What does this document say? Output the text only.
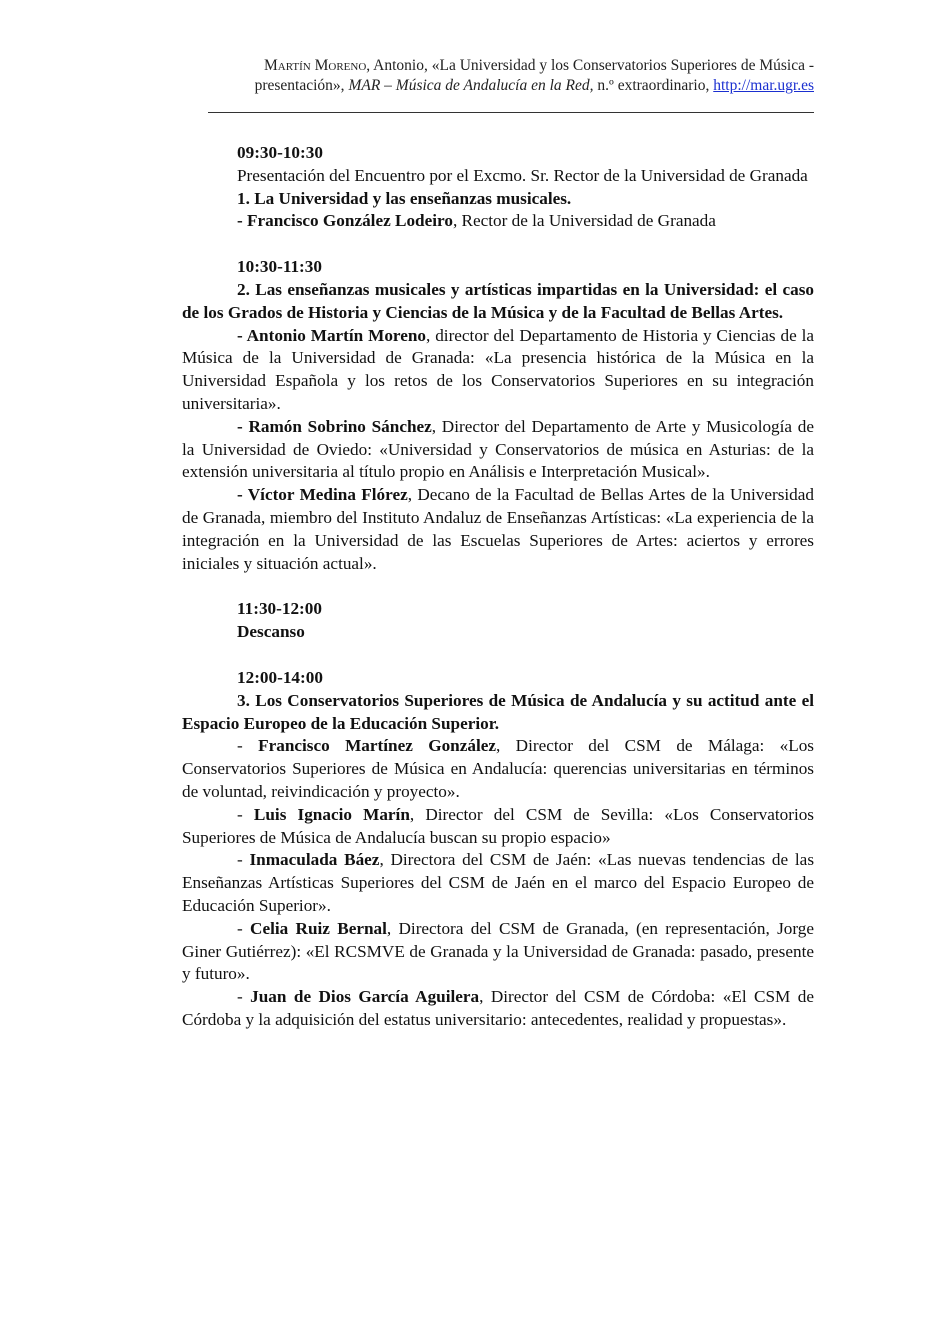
Martín Moreno, Antonio, «La Universidad y los Conservatorios Superiores de Música -
presentación», MAR – Música de Andalucía en la Red, n.º extraordinario, http://mar.ugr.es

09:30-10:30

Presentación del Encuentro por el Excmo. Sr. Rector de la Universidad de Granada

1. La Universidad y las enseñanzas musicales.

- Francisco González Lodeiro, Rector de la Universidad de Granada

10:30-11:30

2. Las enseñanzas musicales y artísticas impartidas en la Universidad: el caso de los Grados de Historia y Ciencias de la Música y de la Facultad de Bellas Artes.

- Antonio Martín Moreno, director del Departamento de Historia y Ciencias de la Música de la Universidad de Granada: «La presencia histórica de la Música en la Universidad Española y los retos de los Conservatorios Superiores en su integración universitaria».

- Ramón Sobrino Sánchez, Director del Departamento de Arte y Musicología de la Universidad de Oviedo: «Universidad y Conservatorios de música en Asturias: de la extensión universitaria al título propio en Análisis e Interpretación Musical».

- Víctor Medina Flórez, Decano de la Facultad de Bellas Artes de la Universidad de Granada, miembro del Instituto Andaluz de Enseñanzas Artísticas: «La experiencia de la integración en la Universidad de las Escuelas Superiores de Artes: aciertos y errores iniciales y situación actual».

11:30-12:00

Descanso

12:00-14:00

3. Los Conservatorios Superiores de Música de Andalucía y su actitud ante el Espacio Europeo de la Educación Superior.

- Francisco Martínez González, Director del CSM de Málaga: «Los Conservatorios Superiores de Música en Andalucía: querencias universitarias en términos de voluntad, reivindicación y proyecto».

- Luis Ignacio Marín, Director del CSM de Sevilla: «Los Conservatorios Superiores de Música de Andalucía buscan su propio espacio»

- Inmaculada Báez, Directora del CSM de Jaén: «Las nuevas tendencias de las Enseñanzas Artísticas Superiores del CSM de Jaén en el marco del Espacio Europeo de Educación Superior».

- Celia Ruiz Bernal, Directora del CSM de Granada, (en representación, Jorge Giner Gutiérrez): «El RCSMVE de Granada y la Universidad de Granada: pasado, presente y futuro».

- Juan de Dios García Aguilera, Director del CSM de Córdoba: «El CSM de Córdoba y la adquisición del estatus universitario: antecedentes, realidad y propuestas».
